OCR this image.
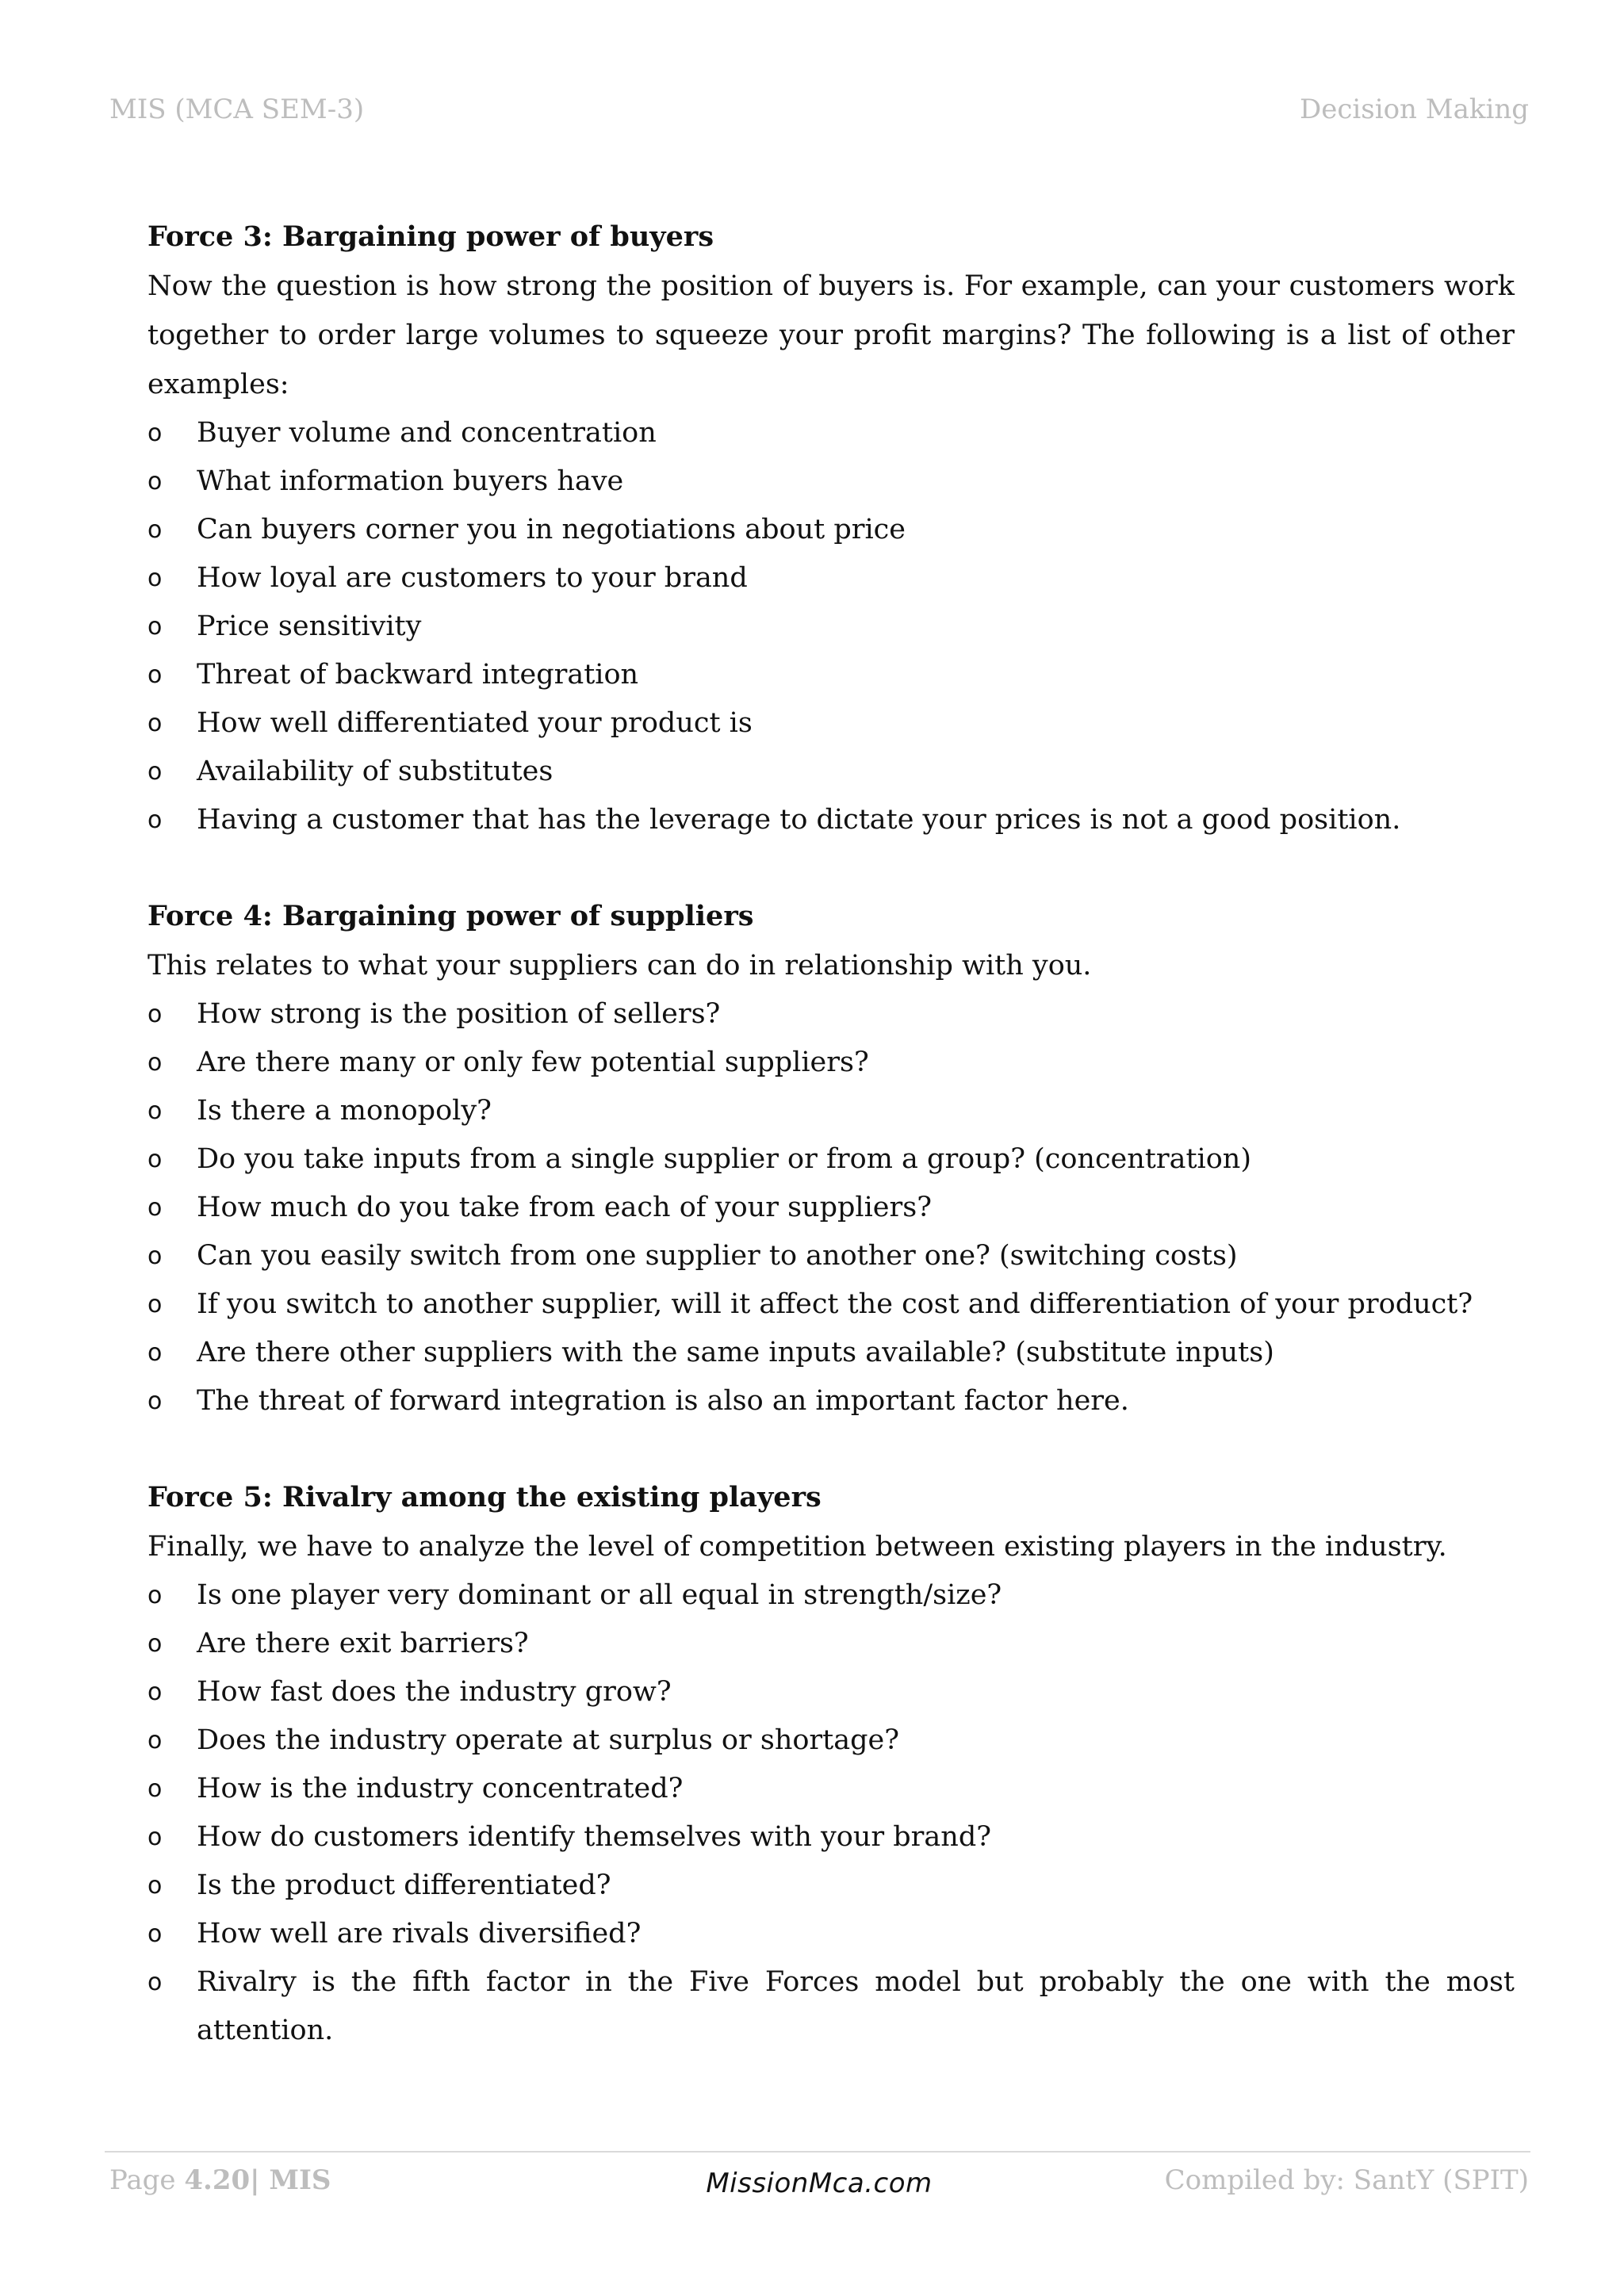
MIS (MCA SEM-3)	Decision Making

Force 3: Bargaining power of buyers

Now the question is how strong the position of buyers is. For example, can your customers work together to order large volumes to squeeze your profit margins? The following is a list of other examples:

o Buyer volume and concentration
o What information buyers have
o Can buyers corner you in negotiations about price
o How loyal are customers to your brand
o Price sensitivity
o Threat of backward integration
o How well differentiated your product is
o Availability of substitutes
o Having a customer that has the leverage to dictate your prices is not a good position.

Force 4: Bargaining power of suppliers

This relates to what your suppliers can do in relationship with you.

o How strong is the position of sellers?
o Are there many or only few potential suppliers?
o Is there a monopoly?
o Do you take inputs from a single supplier or from a group? (concentration)
o How much do you take from each of your suppliers?
o Can you easily switch from one supplier to another one? (switching costs)
o If you switch to another supplier, will it affect the cost and differentiation of your product?
o Are there other suppliers with the same inputs available? (substitute inputs)
o The threat of forward integration is also an important factor here.

Force 5: Rivalry among the existing players

Finally, we have to analyze the level of competition between existing players in the industry.

o Is one player very dominant or all equal in strength/size?
o Are there exit barriers?
o How fast does the industry grow?
o Does the industry operate at surplus or shortage?
o How is the industry concentrated?
o How do customers identify themselves with your brand?
o Is the product differentiated?
o How well are rivals diversified?
o Rivalry is the fifth factor in the Five Forces model but probably the one with the most attention.
Page 4.20| MIS	MissionMca.com	Compiled by: SantY (SPIT)
